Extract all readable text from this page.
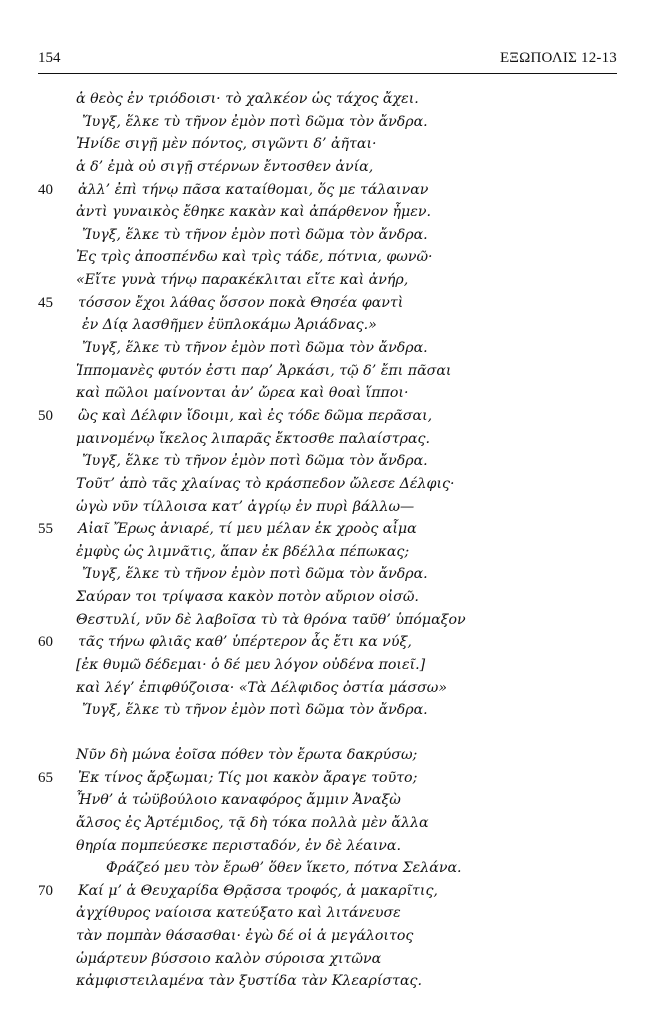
154	ΕΞΩΠΟΛΙΣ 12-13
ἁ θεὸς ἐν τριόδοισι· τὸ χαλκέον ὡς τάχος ἄχει.
Ἴυγξ, ἕλκε τὺ τῆνον ἐμὸν ποτὶ δῶμα τὸν ἄνδρα.
Ἠνίδε σιγῇ μὲν πόντος, σιγῶντι δ’ ἀῆται·
ἁ δ’ ἐμὰ οὐ σιγῇ στέρνων ἔντοσθεν ἀνία,
40 ἀλλ’ ἐπὶ τήνῳ πᾶσα καταίθομαι, ὅς με τάλαιναν
ἀντὶ γυναικὸς ἔθηκε κακὰν καὶ ἀπάρθενον ἦμεν.
Ἴυγξ, ἕλκε τὺ τῆνον ἐμὸν ποτὶ δῶμα τὸν ἄνδρα.
Ἐς τρὶς ἀποσπένδω καὶ τρὶς τάδε, πότνια, φωνῶ·
«Εἴτε γυνὰ τήνῳ παρακέκλιται εἴτε καὶ ἀνήρ,
45 τόσσον ἔχοι λάθας ὅσσον ποκὰ Θησέα φαντὶ
ἐν Δίᾳ λασθῆμεν ἐϋπλοκάμω Ἀριάδνας.»
Ἴυγξ, ἕλκε τὺ τῆνον ἐμὸν ποτὶ δῶμα τὸν ἄνδρα.
Ἱππομανὲς φυτόν ἐστι παρ’ Ἀρκάσι, τῷ δ’ ἔπι πᾶσαι
καὶ πῶλοι μαίνονται ἀν’ ὤρεα καὶ θοαὶ ἵπποι·
50 ὣς καὶ Δέλφιν ἴδοιμι, καὶ ἐς τόδε δῶμα περᾶσαι,
μαινομένῳ ἴκελος λιπαρᾶς ἔκτοσθε παλαίστρας.
Ἴυγξ, ἕλκε τὺ τῆνον ἐμὸν ποτὶ δῶμα τὸν ἄνδρα.
Τοῦτ’ ἀπὸ τᾶς χλαίνας τὸ κράσπεδον ὤλεσε Δέλφις·
ὡγὼ νῦν τίλλοισα κατ’ ἀγρίῳ ἐν πυρὶ βάλλω—
55 Αἰαῖ Ἔρως ἀνιαρέ, τί μευ μέλαν ἐκ χροὸς αἷμα
ἐμφὺς ὡς λιμνᾶτις, ἅπαν ἐκ βδέλλα πέπωκας;
Ἴυγξ, ἕλκε τὺ τῆνον ἐμὸν ποτὶ δῶμα τὸν ἄνδρα.
Σαύραν τοι τρίψασα κακὸν ποτὸν αὔριον οἰσῶ.
Θεστυλί, νῦν δὲ λαβοῖσα τὺ τὰ θρόνα ταῦθ’ ὑπόμαξον
60 τᾶς τήνω φλιᾶς καθ’ ὑπέρτερον ἇς ἔτι κα νύξ,
[ἐκ θυμῶ δέδεμαι· ὁ δέ μευ λόγον οὐδένα ποιεῖ.]
καὶ λέγ’ ἐπιφθύζοισα· «Τὰ Δέλφιδος ὀστία μάσσω»
Ἴυγξ, ἕλκε τὺ τῆνον ἐμὸν ποτὶ δῶμα τὸν ἄνδρα.
Νῦν δὴ μώνα ἐοῖσα πόθεν τὸν ἔρωτα δακρύσω;
65 Ἐκ τίνος ἄρξωμαι; Τίς μοι κακὸν ἄραγε τοῦτο;
Ἦνθ’ ἁ τὠϋβούλοιο καναφόρος ἄμμιν Ἀναξὼ
ἄλσος ἐς Ἀρτέμιδος, τᾷ δὴ τόκα πολλὰ μὲν ἄλλα
θηρία πομπεύεσκε περισταδόν, ἐν δὲ λέαινα.
Φράζεό μευ τὸν ἔρωθ’ ὅθεν ἵκετο, πότνα Σελάνα.
70 Καί μ’ ἁ Θευχαρίδα Θρᾷσσα τροφός, ἁ μακαρῖτις,
ἀγχίθυρος ναίοισα κατεύξατο καὶ λιτάνευσε
τὰν πομπὰν θάσασθαι· ἐγὼ δέ οἱ ἁ μεγάλοιτος
ὡμάρτευν βύσσοιο καλὸν σύροισα χιτῶνα
κἀμφιστειλαμένα τὰν ξυστίδα τὰν Κλεαρίστας.
